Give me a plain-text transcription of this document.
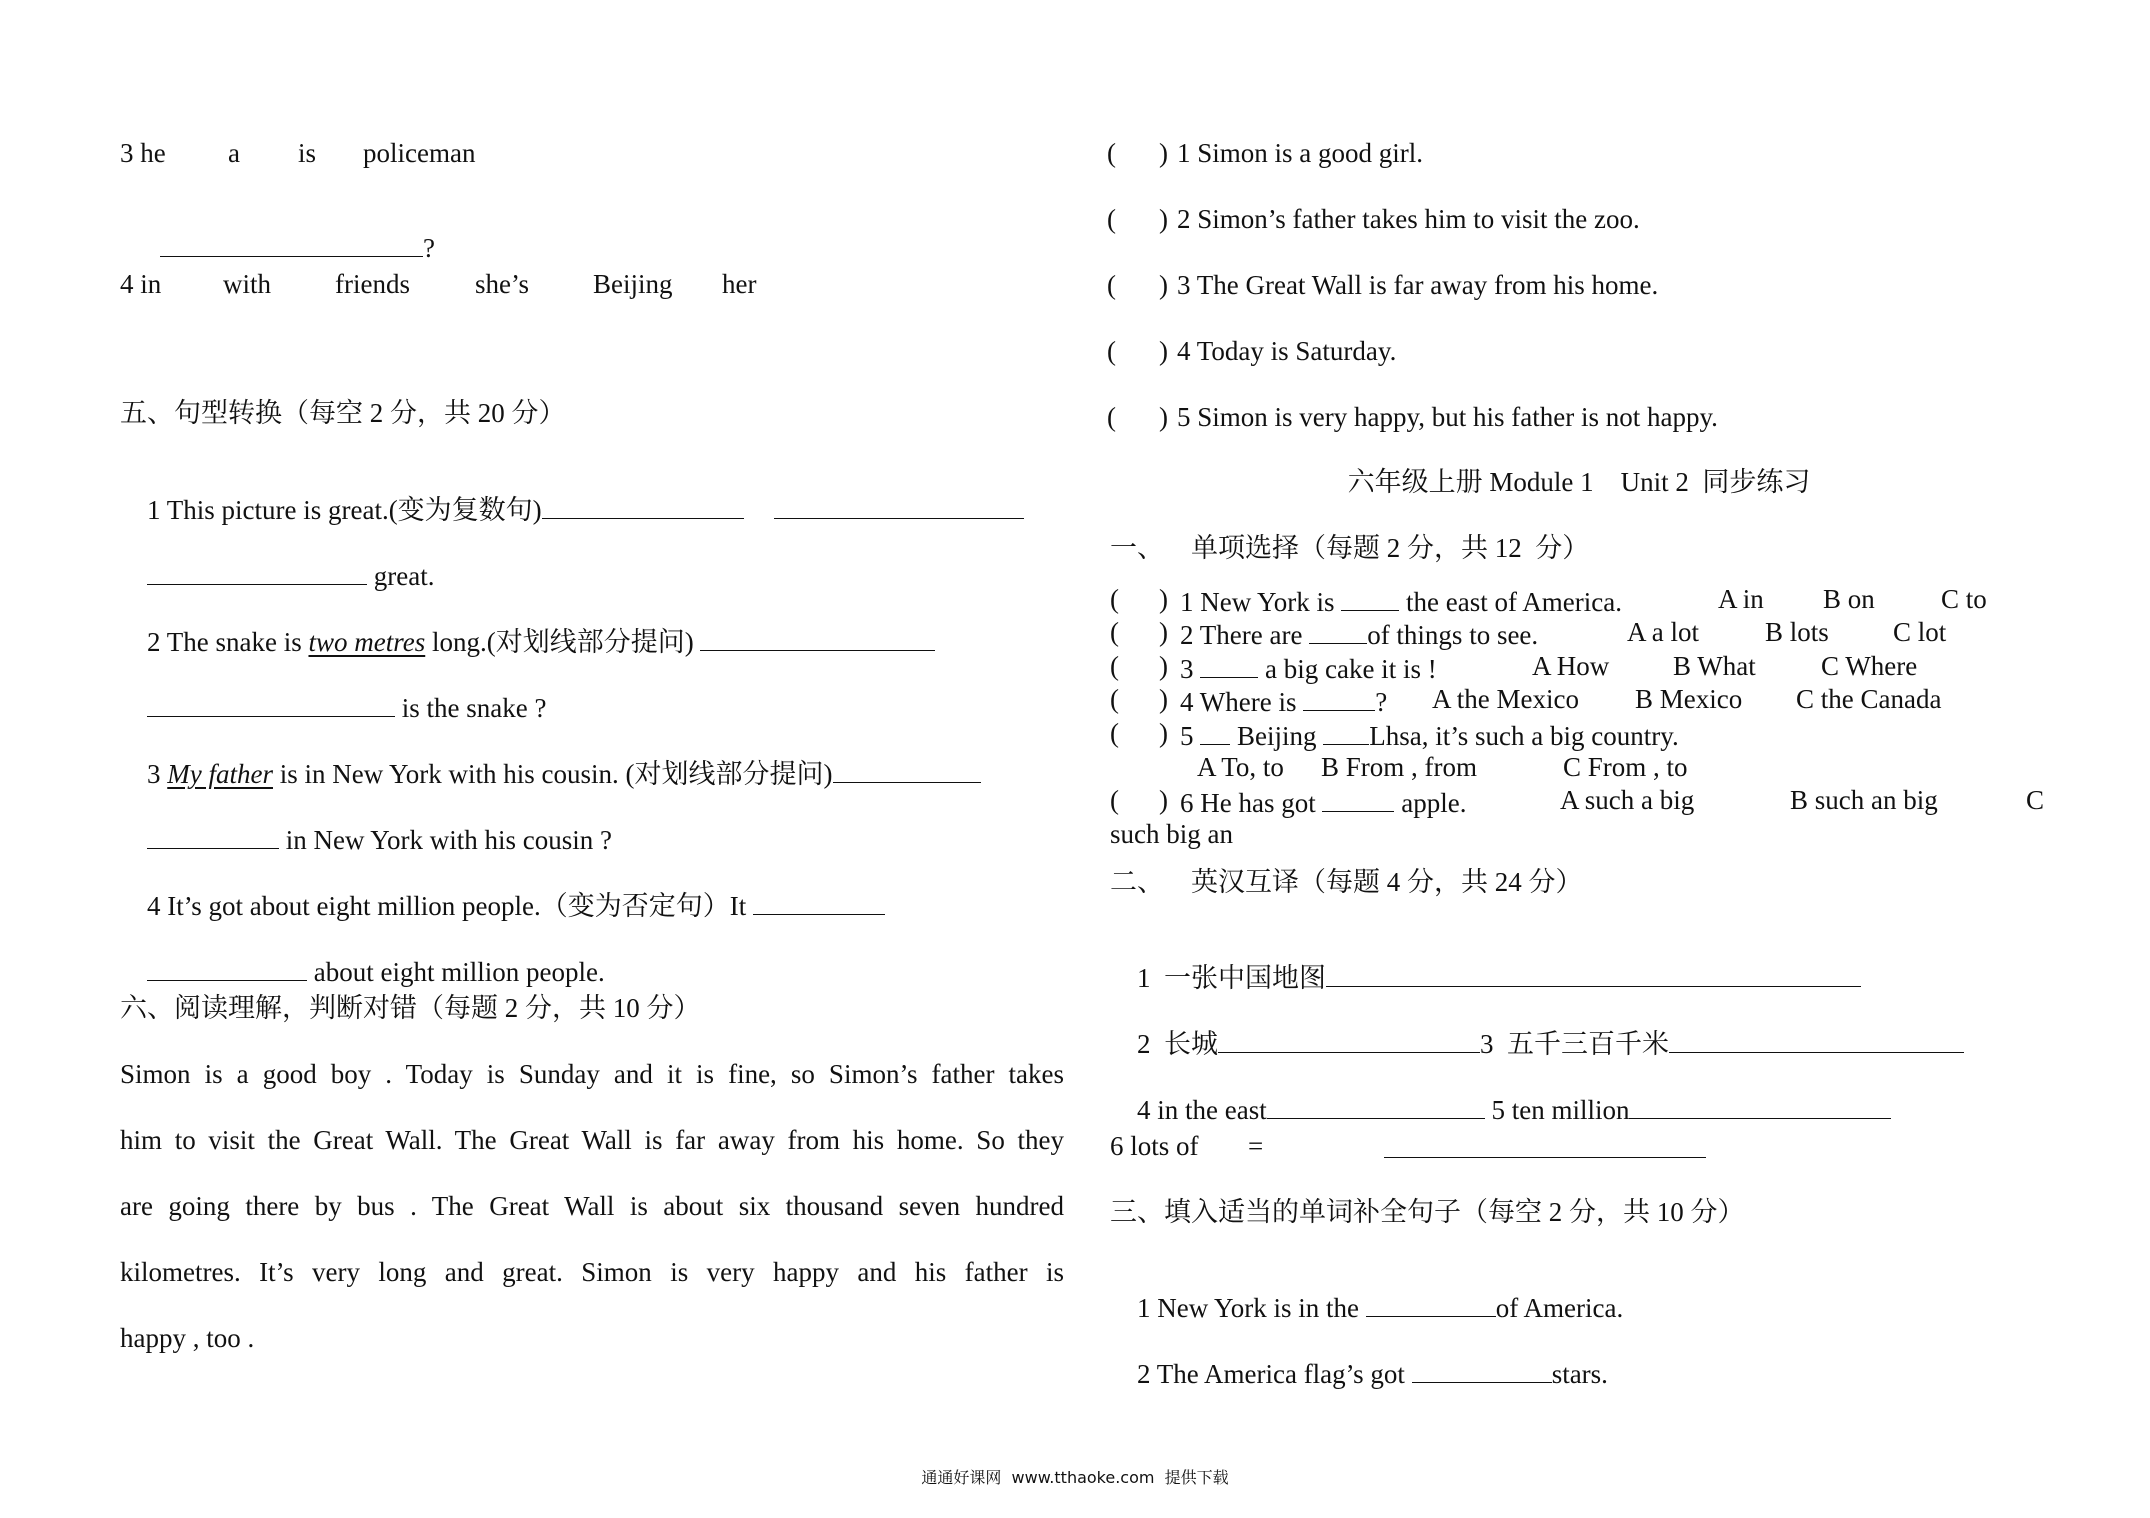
3 he a is policeman

?

4 in with friends she’s Beijing her
五、句型转换（每空 2 分，共 20 分）

1 This picture is great.(变为复数句)

great.

2 The snake is two metres long.(对划线部分提问)

is the snake ?

3 My father is in New York with his cousin. (对划线部分提问)

in New York with his cousin ?

4 It’s got about eight million people.（变为否定句）It

about eight million people.

六、阅读理解，判断对错（每题 2 分，共 10 分）
Simon is a good boy . Today is Sunday and it is fine, so Simon’s father takes
him to visit the Great Wall. The Great Wall is far away from his home. So they
are going there by bus . The Great Wall is about six thousand seven hundred
kilometres. It’s very long and great. Simon is very happy and his father is
happy , too .
( ) 1 Simon is a good girl.
( ) 2 Simon’s father takes him to visit the zoo.
( ) 3 The Great Wall is far away from his home.
( ) 4 Today is Saturday.
( ) 5 Simon is very happy, but his father is not happy.
六年级上册 Module 1    Unit 2  同步练习
一、    单项选择（每题 2 分，共 12  分）
( ) 1 New York is	the east of America.	A in B on C to
( ) 2 There are of things to see.	A a lot B lots C lot
( ) 3	a big cake it is !	A How B What C Where
( ) 4 Where is	? A the Mexico B Mexico C the Canada
( ) 5 Beijing Lhsa, it’s such a big country.
A To, to B From , from	C From , to
( ) 6 He has got	apple.	A such a big	B such an big	C
such big an
二、    英汉互译（每题 4 分，共 24 分）

1  一张中国地图

2  长城	3  五千三百千米

4 in the east	5 ten million

6 lots of =
三、填入适当的单词补全句子（每空 2 分，共 10 分）

1 New York is in the	of America.

2 The America flag’s got	stars.

通通好课网  www.tthaoke.com  提供下载
